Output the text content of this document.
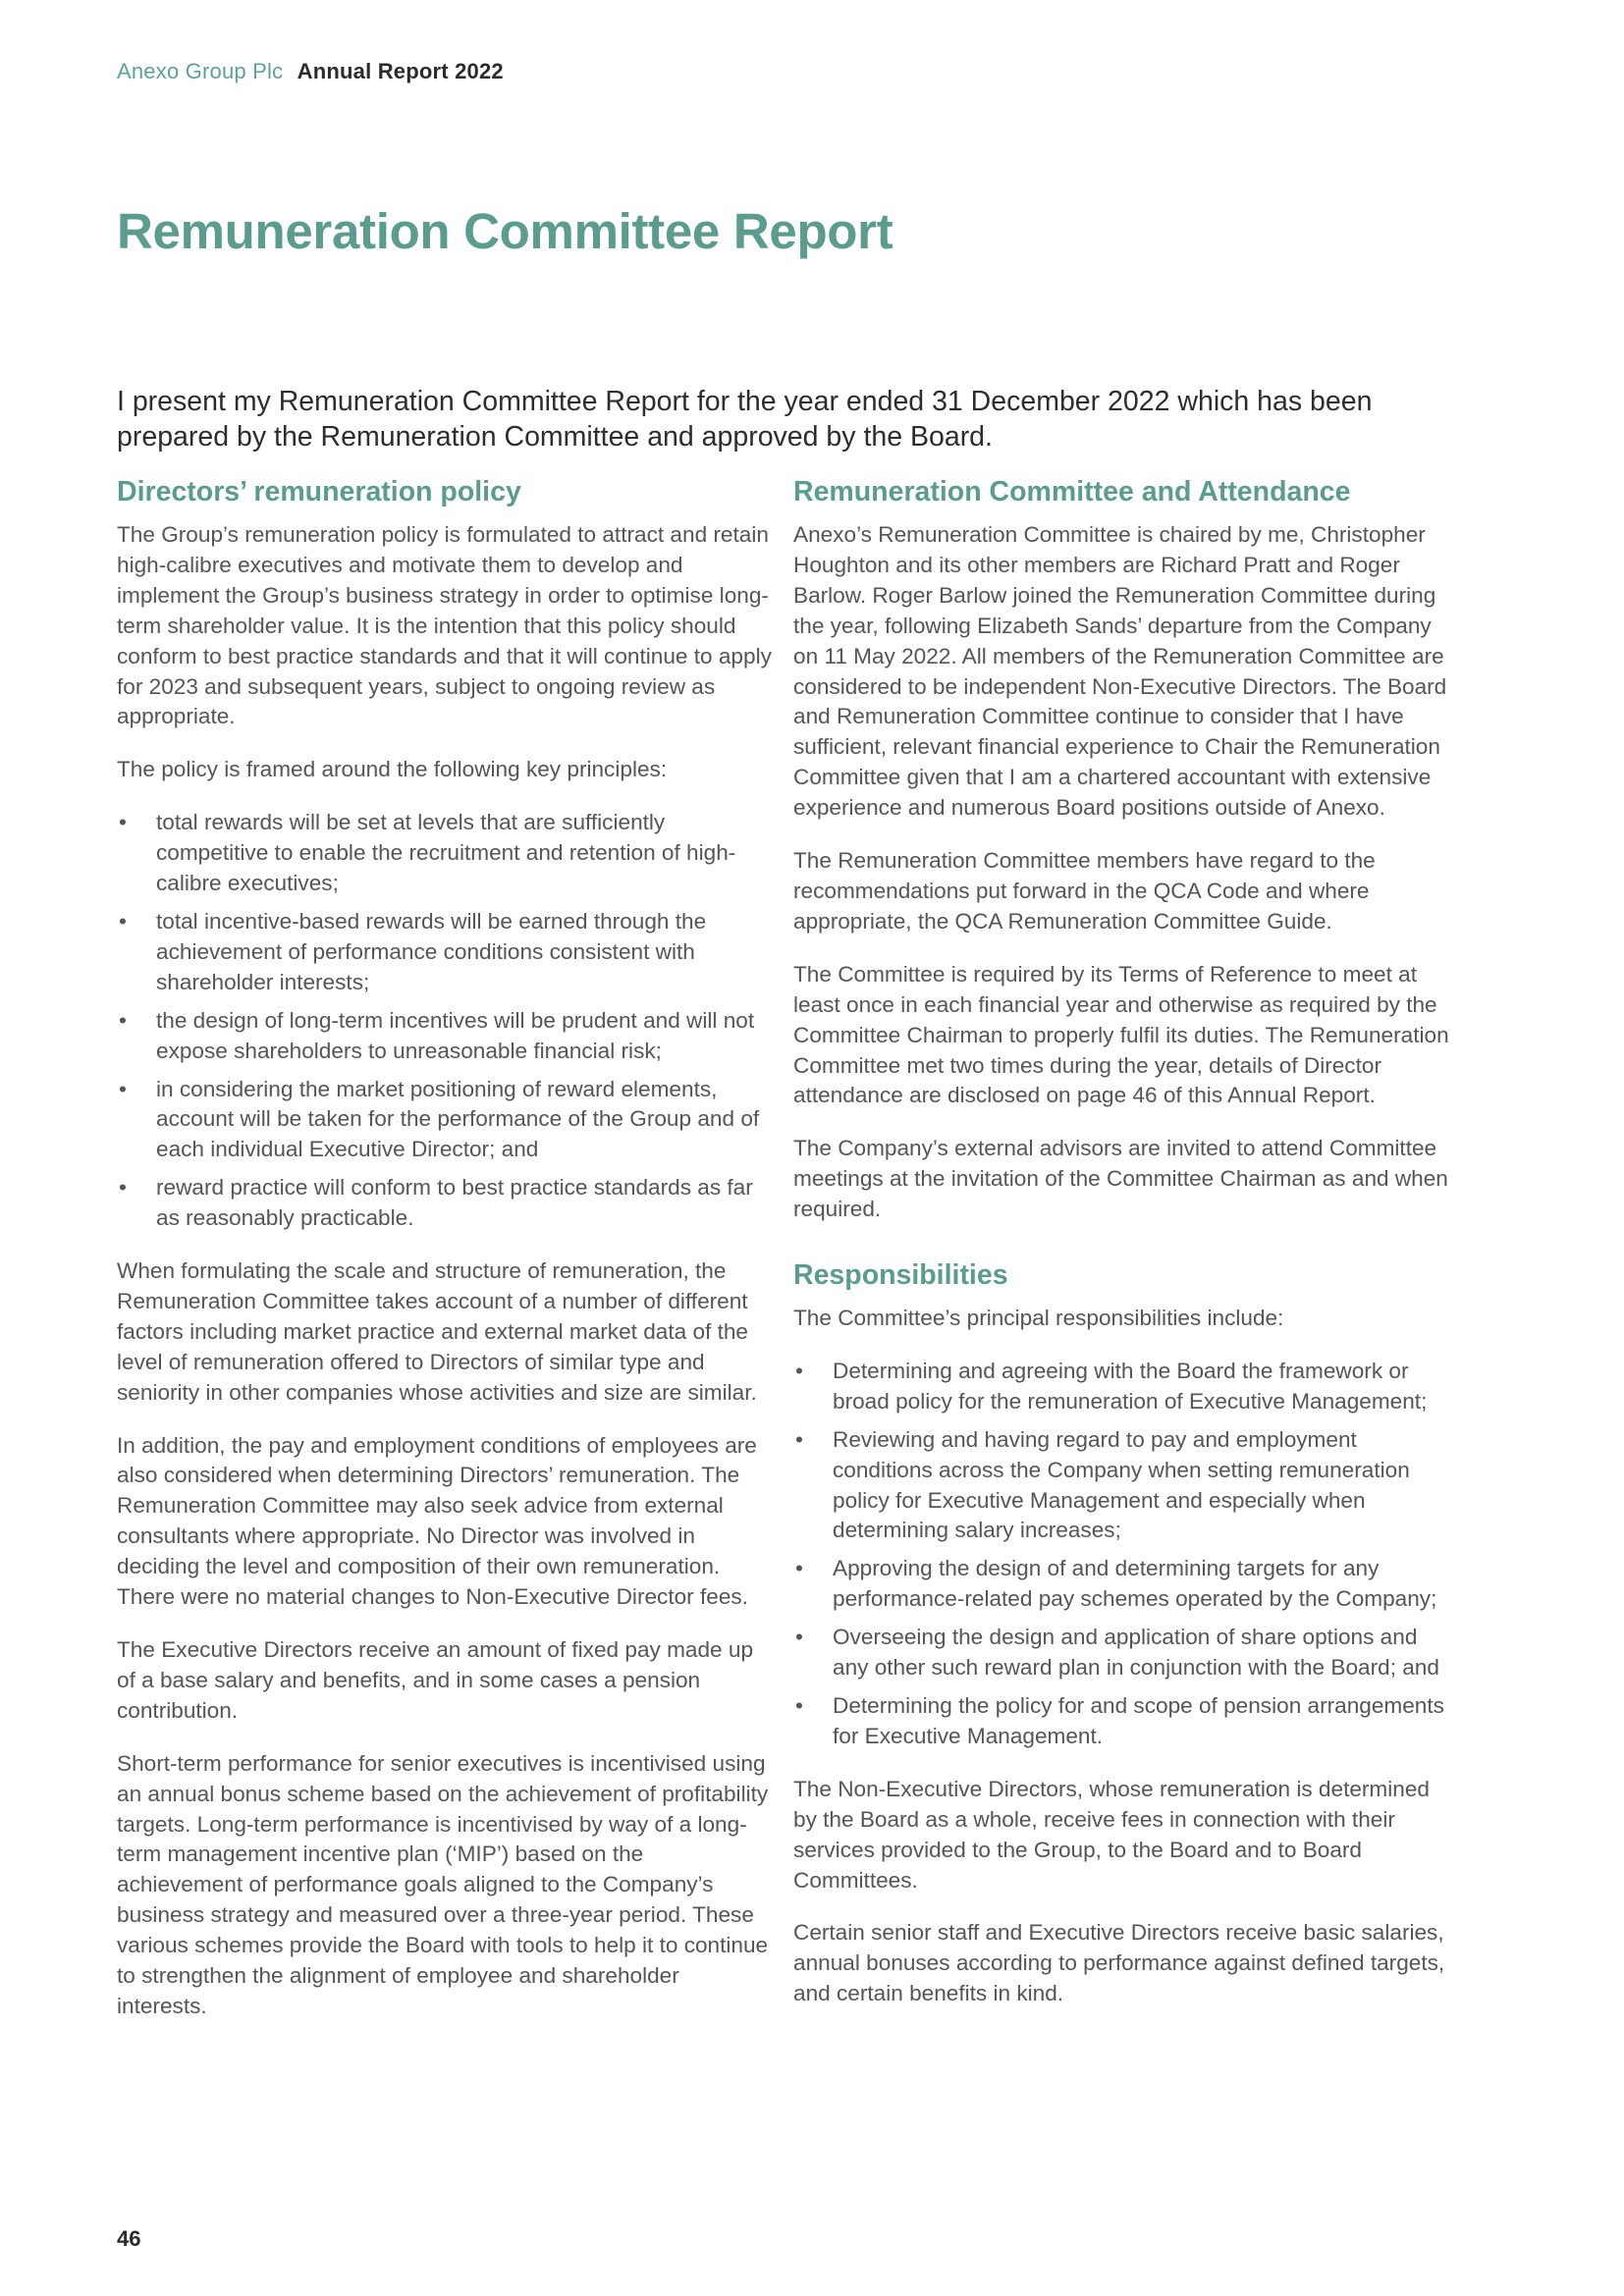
Anexo Group Plc Annual Report 2022
Remuneration Committee Report

I present my Remuneration Committee Report for the year ended 31 December 2022 which has been prepared by the Remuneration Committee and approved by the Board.

Directors’ remuneration policy

The Group’s remuneration policy is formulated to attract and retain high-calibre executives and motivate them to develop and implement the Group’s business strategy in order to optimise long-term shareholder value. It is the intention that this policy should conform to best practice standards and that it will continue to apply for 2023 and subsequent years, subject to ongoing review as appropriate.

The policy is framed around the following key principles:

• total rewards will be set at levels that are sufficiently competitive to enable the recruitment and retention of high-calibre executives;
• total incentive-based rewards will be earned through the achievement of performance conditions consistent with shareholder interests;
• the design of long-term incentives will be prudent and will not expose shareholders to unreasonable financial risk;
• in considering the market positioning of reward elements, account will be taken for the performance of the Group and of each individual Executive Director; and
• reward practice will conform to best practice standards as far as reasonably practicable.

When formulating the scale and structure of remuneration, the Remuneration Committee takes account of a number of different factors including market practice and external market data of the level of remuneration offered to Directors of similar type and seniority in other companies whose activities and size are similar.

In addition, the pay and employment conditions of employees are also considered when determining Directors’ remuneration. The Remuneration Committee may also seek advice from external consultants where appropriate. No Director was involved in deciding the level and composition of their own remuneration. There were no material changes to Non-Executive Director fees.

The Executive Directors receive an amount of fixed pay made up of a base salary and benefits, and in some cases a pension contribution.

Short-term performance for senior executives is incentivised using an annual bonus scheme based on the achievement of profitability targets. Long-term performance is incentivised by way of a long-term management incentive plan (‘MIP’) based on the achievement of performance goals aligned to the Company’s business strategy and measured over a three-year period. These various schemes provide the Board with tools to help it to continue to strengthen the alignment of employee and shareholder interests.

Remuneration Committee and Attendance

Anexo’s Remuneration Committee is chaired by me, Christopher Houghton and its other members are Richard Pratt and Roger Barlow. Roger Barlow joined the Remuneration Committee during the year, following Elizabeth Sands’ departure from the Company on 11 May 2022. All members of the Remuneration Committee are considered to be independent Non-Executive Directors. The Board and Remuneration Committee continue to consider that I have sufficient, relevant financial experience to Chair the Remuneration Committee given that I am a chartered accountant with extensive experience and numerous Board positions outside of Anexo.

The Remuneration Committee members have regard to the recommendations put forward in the QCA Code and where appropriate, the QCA Remuneration Committee Guide.

The Committee is required by its Terms of Reference to meet at least once in each financial year and otherwise as required by the Committee Chairman to properly fulfil its duties. The Remuneration Committee met two times during the year, details of Director attendance are disclosed on page 46 of this Annual Report.

The Company’s external advisors are invited to attend Committee meetings at the invitation of the Committee Chairman as and when required.

Responsibilities

The Committee’s principal responsibilities include:

• Determining and agreeing with the Board the framework or broad policy for the remuneration of Executive Management;
• Reviewing and having regard to pay and employment conditions across the Company when setting remuneration policy for Executive Management and especially when determining salary increases;
• Approving the design of and determining targets for any performance-related pay schemes operated by the Company;
• Overseeing the design and application of share options and any other such reward plan in conjunction with the Board; and
• Determining the policy for and scope of pension arrangements for Executive Management.

The Non-Executive Directors, whose remuneration is determined by the Board as a whole, receive fees in connection with their services provided to the Group, to the Board and to Board Committees.

Certain senior staff and Executive Directors receive basic salaries, annual bonuses according to performance against defined targets, and certain benefits in kind.

46
